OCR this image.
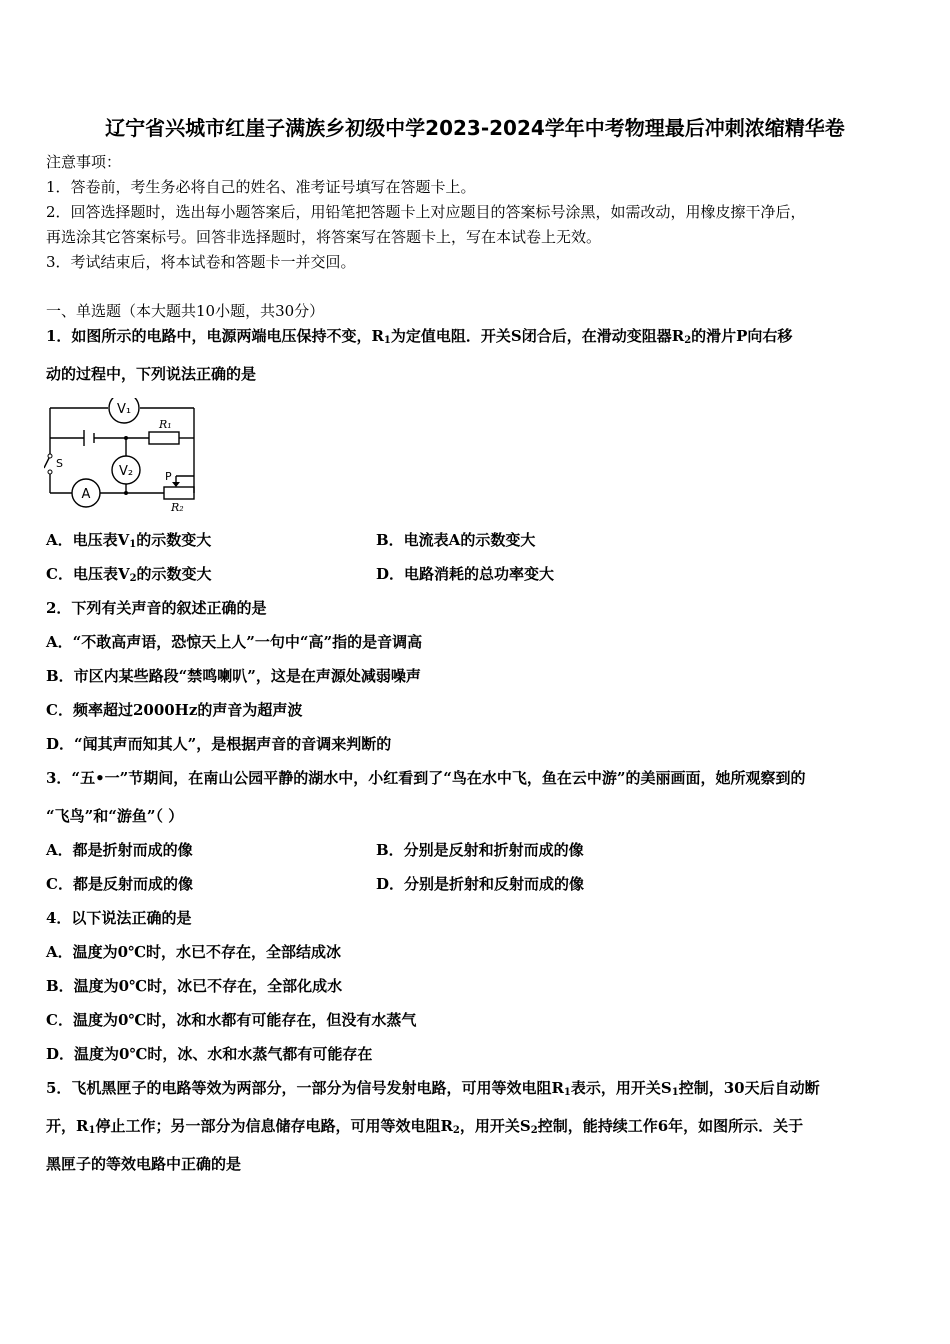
辽宁省兴城市红崖子满族乡初级中学2023-2024学年中考物理最后冲刺浓缩精华卷
注意事项：
1．答卷前，考生务必将自己的姓名、准考证号填写在答题卡上。
2．回答选择题时，选出每小题答案后，用铅笔把答题卡上对应题目的答案标号涂黑，如需改动，用橡皮擦干净后，
再选涂其它答案标号。回答非选择题时，将答案写在答题卡上，写在本试卷上无效。
3．考试结束后，将本试卷和答题卡一并交回。
一、单选题（本大题共10小题，共30分）
1．如图所示的电路中，电源两端电压保持不变，$R_1$为定值电阻．开关S闭合后，在滑动变阻器$R_2$的滑片P向右移
动的过程中，下列说法正确的是
V₁
V₂
A
R₁
R₂
S
P
A．电压表$V_1$的示数变大	B．电流表A的示数变大
C．电压表$V_2$的示数变大	D．电路消耗的总功率变大
2．下列有关声音的叙述正确的是
A．“不敢高声语，恐惊天上人”一句中“高”指的是音调高
B．市区内某些路段“禁鸣喇叭”，这是在声源处减弱噪声
C．频率超过2000Hz的声音为超声波
D．“闻其声而知其人”，是根据声音的音调来判断的
3．“五•一”节期间，在南山公园平静的湖水中，小红看到了“鸟在水中飞，鱼在云中游”的美丽画面，她所观察到的
“飞鸟”和“游鱼”（ ）
A．都是折射而成的像	B．分别是反射和折射而成的像
C．都是反射而成的像	D．分别是折射和反射而成的像
4．以下说法正确的是
A．温度为0℃时，水已不存在，全部结成冰
B．温度为0℃时，冰已不存在，全部化成水
C．温度为0℃时，冰和水都有可能存在，但没有水蒸气
D．温度为0℃时，冰、水和水蒸气都有可能存在
5．飞机黑匣子的电路等效为两部分，一部分为信号发射电路，可用等效电阻$R_1$表示，用开关$S_1$控制，30天后自动断
开，$R_1$停止工作；另一部分为信息储存电路，可用等效电阻$R_2$，用开关$S_2$控制，能持续工作6年，如图所示．关于
黑匣子的等效电路中正确的是
